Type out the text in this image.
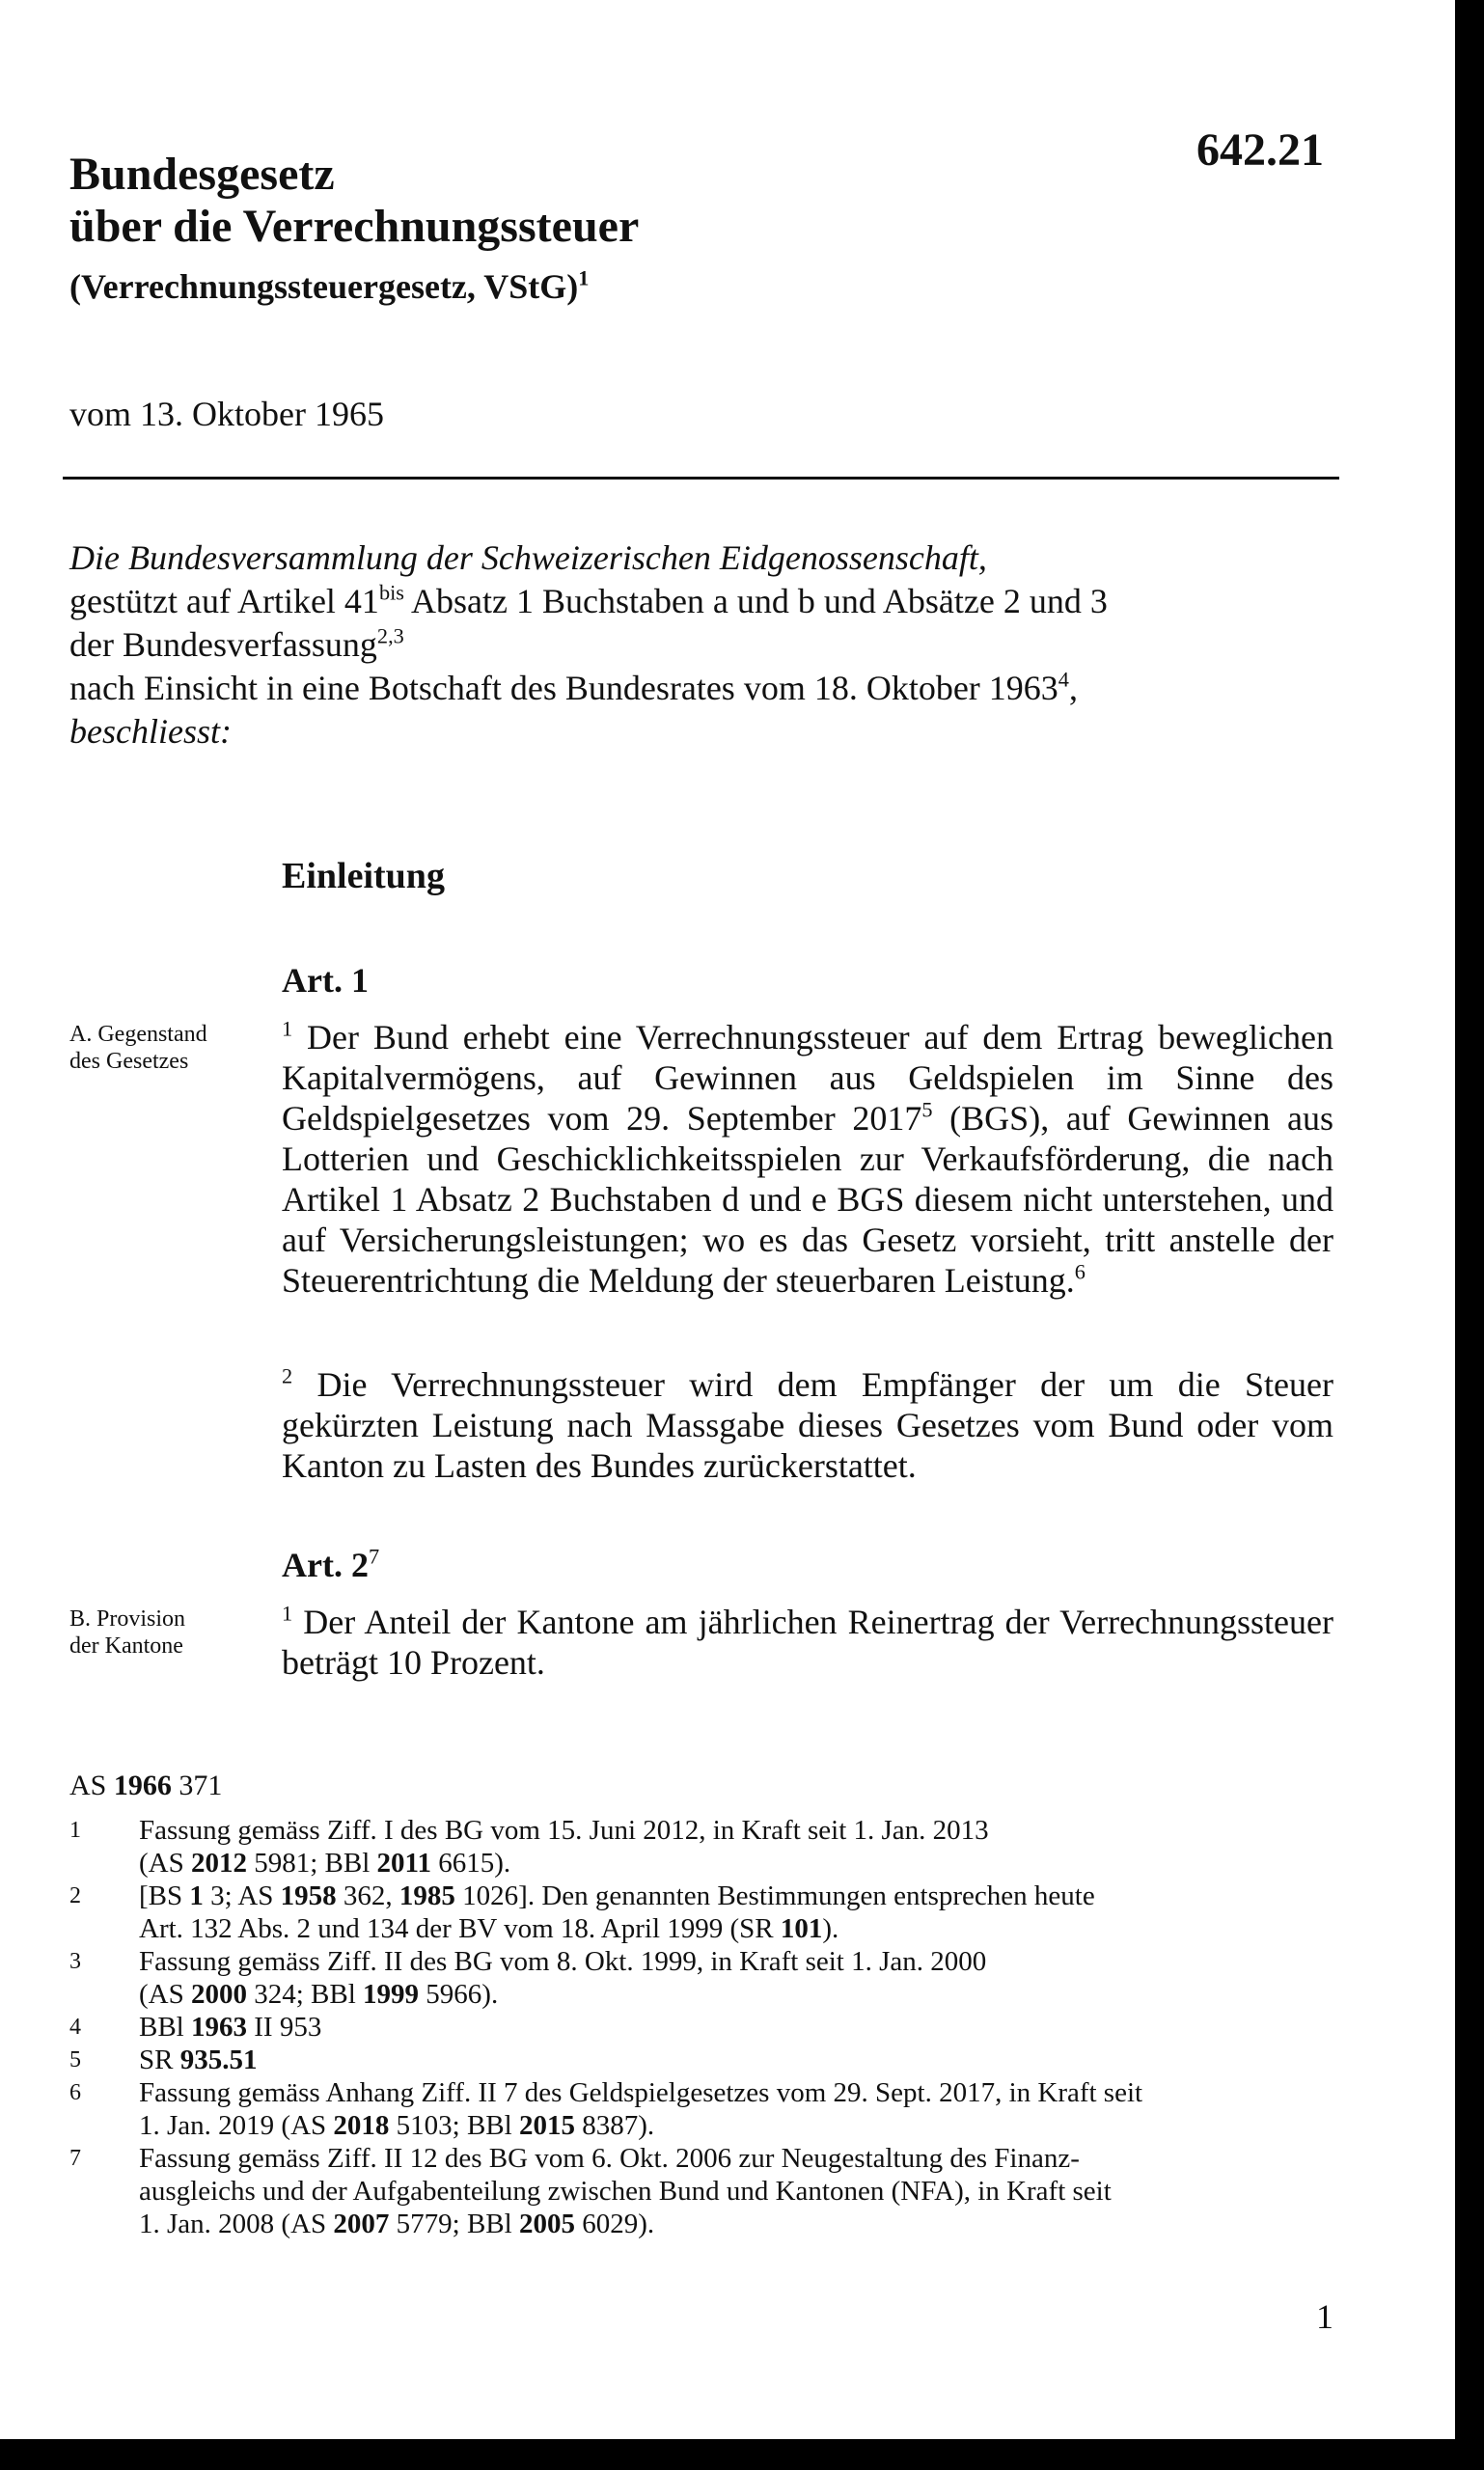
642.21
Bundesgesetz
über die Verrechnungssteuer
(Verrechnungssteuergesetz, VStG)$^1$
vom 13. Oktober 1965
Die Bundesversammlung der Schweizerischen Eidgenossenschaft,
gestützt auf Artikel $41^{bis}$ Absatz 1 Buchstaben a und b und Absätze 2 und 3
der Bundesverfassung$^{2,3}$
nach Einsicht in eine Botschaft des Bundesrates vom 18. Oktober 1963$^4$,
beschliesst:
Einleitung
Art. 1
A. Gegenstand
des Gesetzes
$^1$ Der Bund erhebt eine Verrechnungssteuer auf dem Ertrag beweglichen Kapitalvermögens, auf Gewinnen aus Geldspielen im Sinne des Geldspielgesetzes vom 29. September 2017$^5$ (BGS), auf Gewinnen aus Lotterien und Geschicklichkeitsspielen zur Verkaufsförderung, die nach Artikel 1 Absatz 2 Buchstaben d und e BGS diesem nicht unterstehen, und auf Versicherungsleistungen; wo es das Gesetz vorsieht, tritt anstelle der Steuerentrichtung die Meldung der steuerbaren Leistung.$^6$
$^2$ Die Verrechnungssteuer wird dem Empfänger der um die Steuer gekürzten Leistung nach Massgabe dieses Gesetzes vom Bund oder vom Kanton zu Lasten des Bundes zurückerstattet.
Art. $2^7$
B. Provision
der Kantone
$^1$ Der Anteil der Kantone am jährlichen Reinertrag der Verrechnungssteuer beträgt 10 Prozent.
AS 1966 371
1	Fassung gemäss Ziff. I des BG vom 15. Juni 2012, in Kraft seit 1. Jan. 2013
(AS 2012 5981; BBl 2011 6615).
2	[BS 1 3; AS 1958 362, 1985 1026]. Den genannten Bestimmungen entsprechen heute
Art. 132 Abs. 2 und 134 der BV vom 18. April 1999 (SR 101).
3	Fassung gemäss Ziff. II des BG vom 8. Okt. 1999, in Kraft seit 1. Jan. 2000
(AS 2000 324; BBl 1999 5966).
4	BBl 1963 II 953
5	SR 935.51
6	Fassung gemäss Anhang Ziff. II 7 des Geldspielgesetzes vom 29. Sept. 2017, in Kraft seit
1. Jan. 2019 (AS 2018 5103; BBl 2015 8387).
7	Fassung gemäss Ziff. II 12 des BG vom 6. Okt. 2006 zur Neugestaltung des Finanz-
ausgleichs und der Aufgabenteilung zwischen Bund und Kantonen (NFA), in Kraft seit
1. Jan. 2008 (AS 2007 5779; BBl 2005 6029).
1
